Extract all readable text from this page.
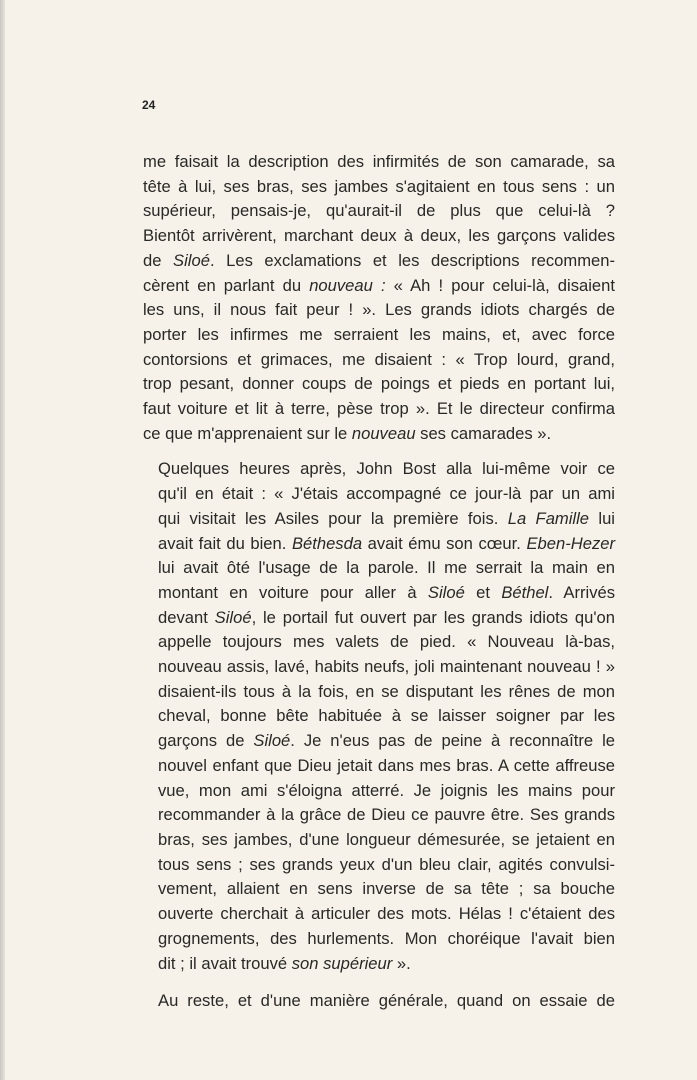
24

me faisait la description des infirmités de son camarade, sa
tête à lui, ses bras, ses jambes s'agitaient en tous sens : un
supérieur, pensais-je, qu'aurait-il de plus que celui-là ?
Bientôt arrivèrent, marchant deux à deux, les garçons valides
de Siloé. Les exclamations et les descriptions recommen-
cèrent en parlant du nouveau : « Ah ! pour celui-là, disaient
les uns, il nous fait peur ! ». Les grands idiots chargés de
porter les infirmes me serraient les mains, et, avec force
contorsions et grimaces, me disaient : « Trop lourd, grand,
trop pesant, donner coups de poings et pieds en portant lui,
faut voiture et lit à terre, pèse trop ». Et le directeur confirma
ce que m'apprenaient sur le nouveau ses camarades ».

Quelques heures après, John Bost alla lui-même voir ce
qu'il en était : « J'étais accompagné ce jour-là par un ami
qui visitait les Asiles pour la première fois. La Famille lui
avait fait du bien. Béthesda avait ému son cœur. Eben-Hezer
lui avait ôté l'usage de la parole. Il me serrait la main en
montant en voiture pour aller à Siloé et Béthel. Arrivés
devant Siloé, le portail fut ouvert par les grands idiots qu'on
appelle toujours mes valets de pied. « Nouveau là-bas,
nouveau assis, lavé, habits neufs, joli maintenant nouveau ! »
disaient-ils tous à la fois, en se disputant les rênes de mon
cheval, bonne bête habituée à se laisser soigner par les
garçons de Siloé. Je n'eus pas de peine à reconnaître le
nouvel enfant que Dieu jetait dans mes bras. A cette affreuse
vue, mon ami s'éloigna atterré. Je joignis les mains pour
recommander à la grâce de Dieu ce pauvre être. Ses grands
bras, ses jambes, d'une longueur démesurée, se jetaient en
tous sens ; ses grands yeux d'un bleu clair, agités convulsi-
vement, allaient en sens inverse de sa tête ; sa bouche
ouverte cherchait à articuler des mots. Hélas ! c'étaient des
grognements, des hurlements. Mon choréique l'avait bien
dit ; il avait trouvé son supérieur ».

Au reste, et d'une manière générale, quand on essaie de
